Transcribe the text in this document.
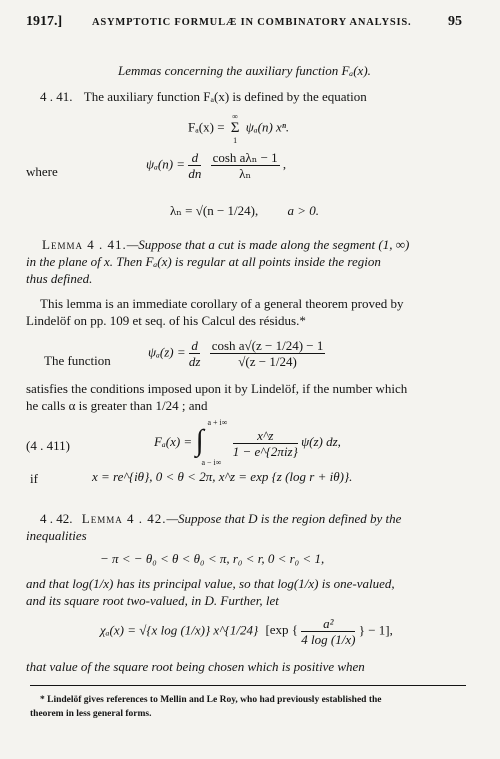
1917.]	ASYMPTOTIC FORMULÆ IN COMBINATORY ANALYSIS.	95
Lemmas concerning the auxiliary function Fₐ(x).
4 . 41. The auxiliary function Fₐ(x) is defined by the equation
Fₐ(x) =
∞
Σ
1
ψₐ(n) xⁿ.
where
$\psi_a(n) = \frac{d}{dn}$
$\frac{\text{cosh aλₙ − 1}}{\text{λₙ}}$ ,
λₙ = √(n − 1/24), a > 0.
Lemma 4 . 41.—Suppose that a cut is made along the segment (1, ∞)
in the plane of x. Then Fₐ(x) is regular at all points inside the region
thus defined.
This lemma is an immediate corollary of a general theorem proved by
Lindelöf on pp. 109 et seq. of his Calcul des résidus.*
The function
$\psi_a(z) = \frac{d}{dz}$
$\frac{\text{cosh a√(z − 1/24) − 1}}{√(z - 1/24)}$
satisfies the conditions imposed upon it by Lindelöf, if the number which
he calls α is greater than 1/24 ; and
(4 . 411)	Fₐ(x) = ∫
a + i∞
a − i∞

$\frac{x\^{}z}{\text{1 − e\textasciicircum{}\{2πiz\}}} \psi(z)$ dz,
if	x = re^{iθ}, 0 < θ < 2π, x^z = exp {z (log r + iθ)}.
4 . 42. Lemma 4 . 42.—Suppose that D is the region defined by the
inequalities
− π < − θ₀ < θ < θ₀ < π, r₀ < r, 0 < r₀ < 1,
and that log(1/x) has its principal value, so that log(1/x) is one-valued,
and its square root two-valued, in D. Further, let
χₐ(x) = √{x log (1/x)} x^{1/24} [exp { $\frac{\text{a²}}{4 \log (1/x)}$ } − 1],
that value of the square root being chosen which is positive when
* Lindelöf gives references to Mellin and Le Roy, who had previously established the
theorem in less general forms.
